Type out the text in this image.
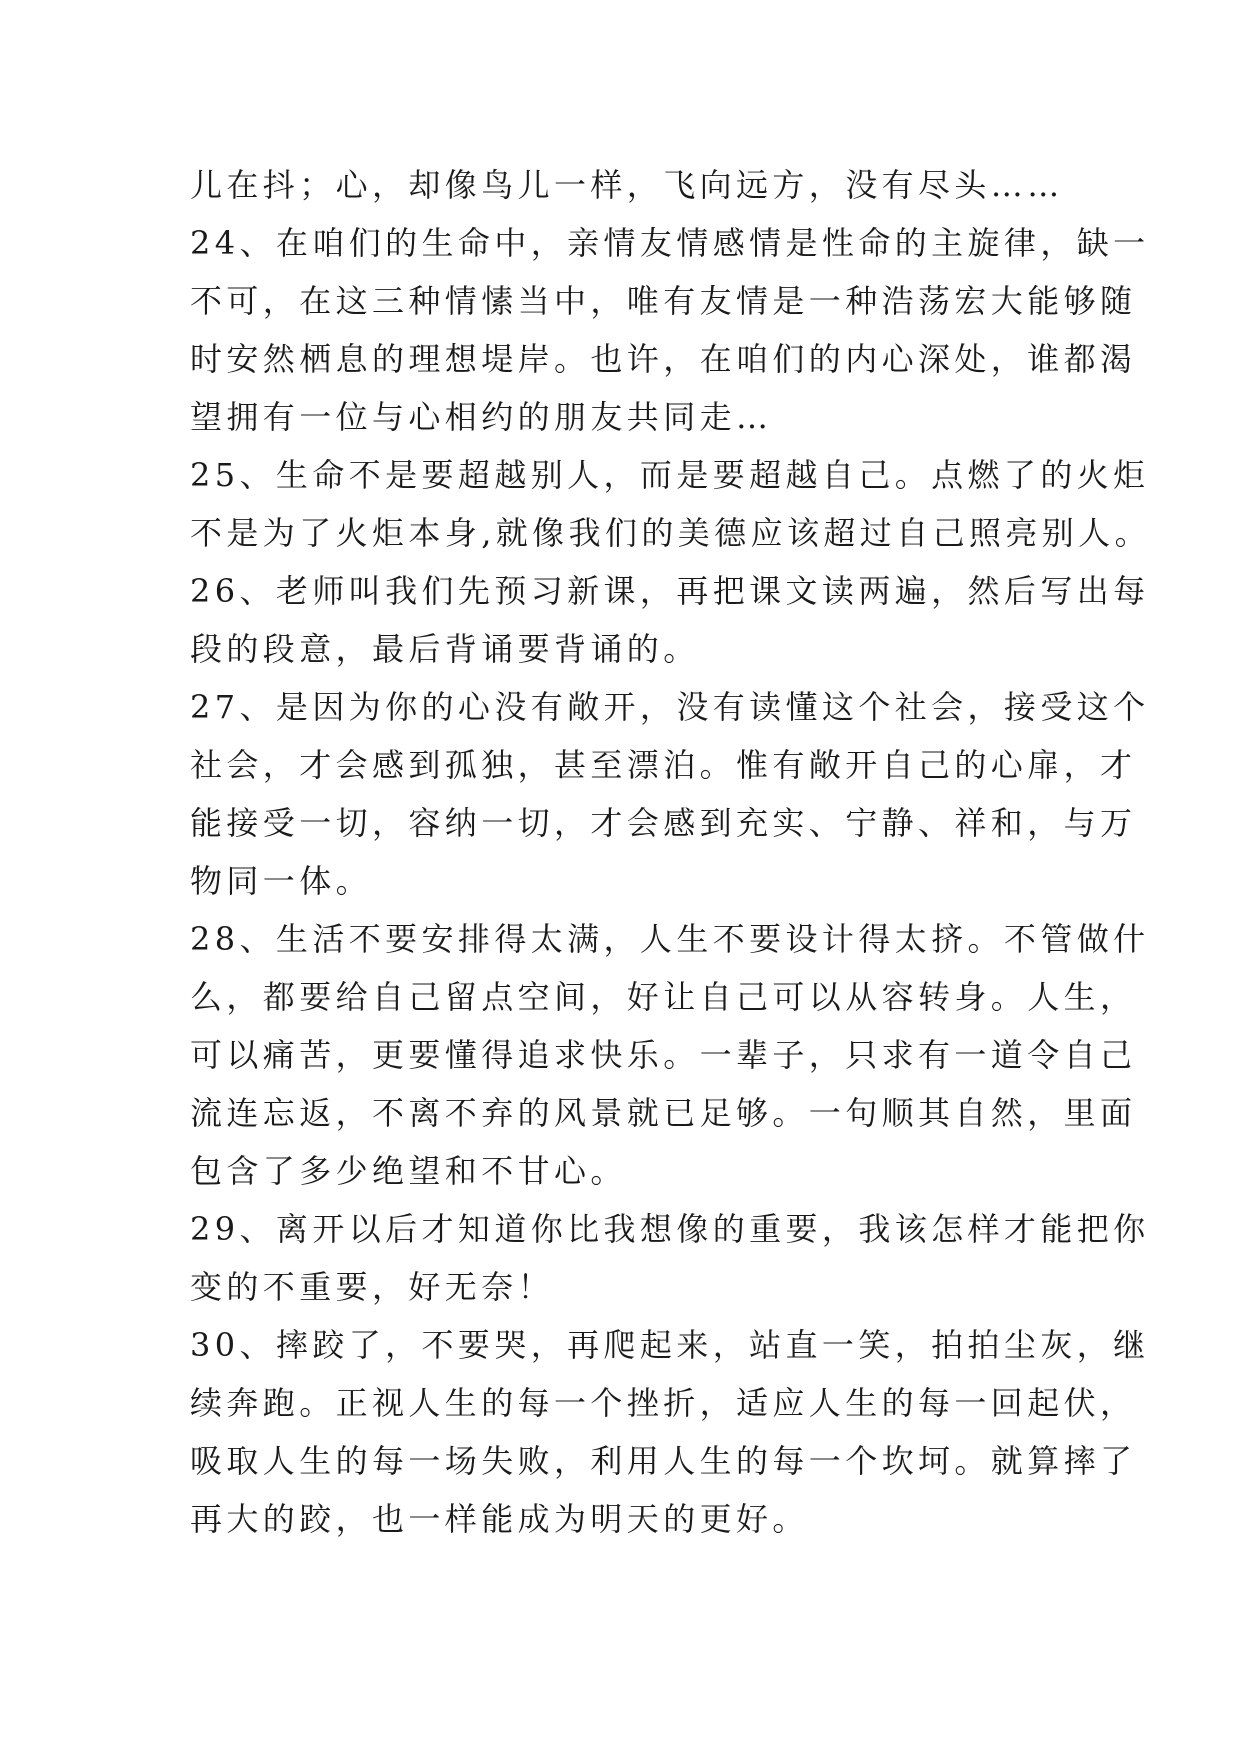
儿在抖；心，却像鸟儿一样，飞向远方，没有尽头……
24、在咱们的生命中，亲情友情感情是性命的主旋律，缺一
不可，在这三种情愫当中，唯有友情是一种浩荡宏大能够随
时安然栖息的理想堤岸。也许，在咱们的内心深处，谁都渴
望拥有一位与心相约的朋友共同走…
25、生命不是要超越别人，而是要超越自己。点燃了的火炬
不是为了火炬本身,就像我们的美德应该超过自己照亮别人。
26、老师叫我们先预习新课，再把课文读两遍，然后写出每
段的段意，最后背诵要背诵的。
27、是因为你的心没有敞开，没有读懂这个社会，接受这个
社会，才会感到孤独，甚至漂泊。惟有敞开自己的心扉，才
能接受一切，容纳一切，才会感到充实、宁静、祥和，与万
物同一体。
28、生活不要安排得太满，人生不要设计得太挤。不管做什
么，都要给自己留点空间，好让自己可以从容转身。人生，
可以痛苦，更要懂得追求快乐。一辈子，只求有一道令自己
流连忘返，不离不弃的风景就已足够。一句顺其自然，里面
包含了多少绝望和不甘心。
29、离开以后才知道你比我想像的重要，我该怎样才能把你
变的不重要，好无奈！
30、摔跤了，不要哭，再爬起来，站直一笑，拍拍尘灰，继
续奔跑。正视人生的每一个挫折，适应人生的每一回起伏，
吸取人生的每一场失败，利用人生的每一个坎坷。就算摔了
再大的跤，也一样能成为明天的更好。
